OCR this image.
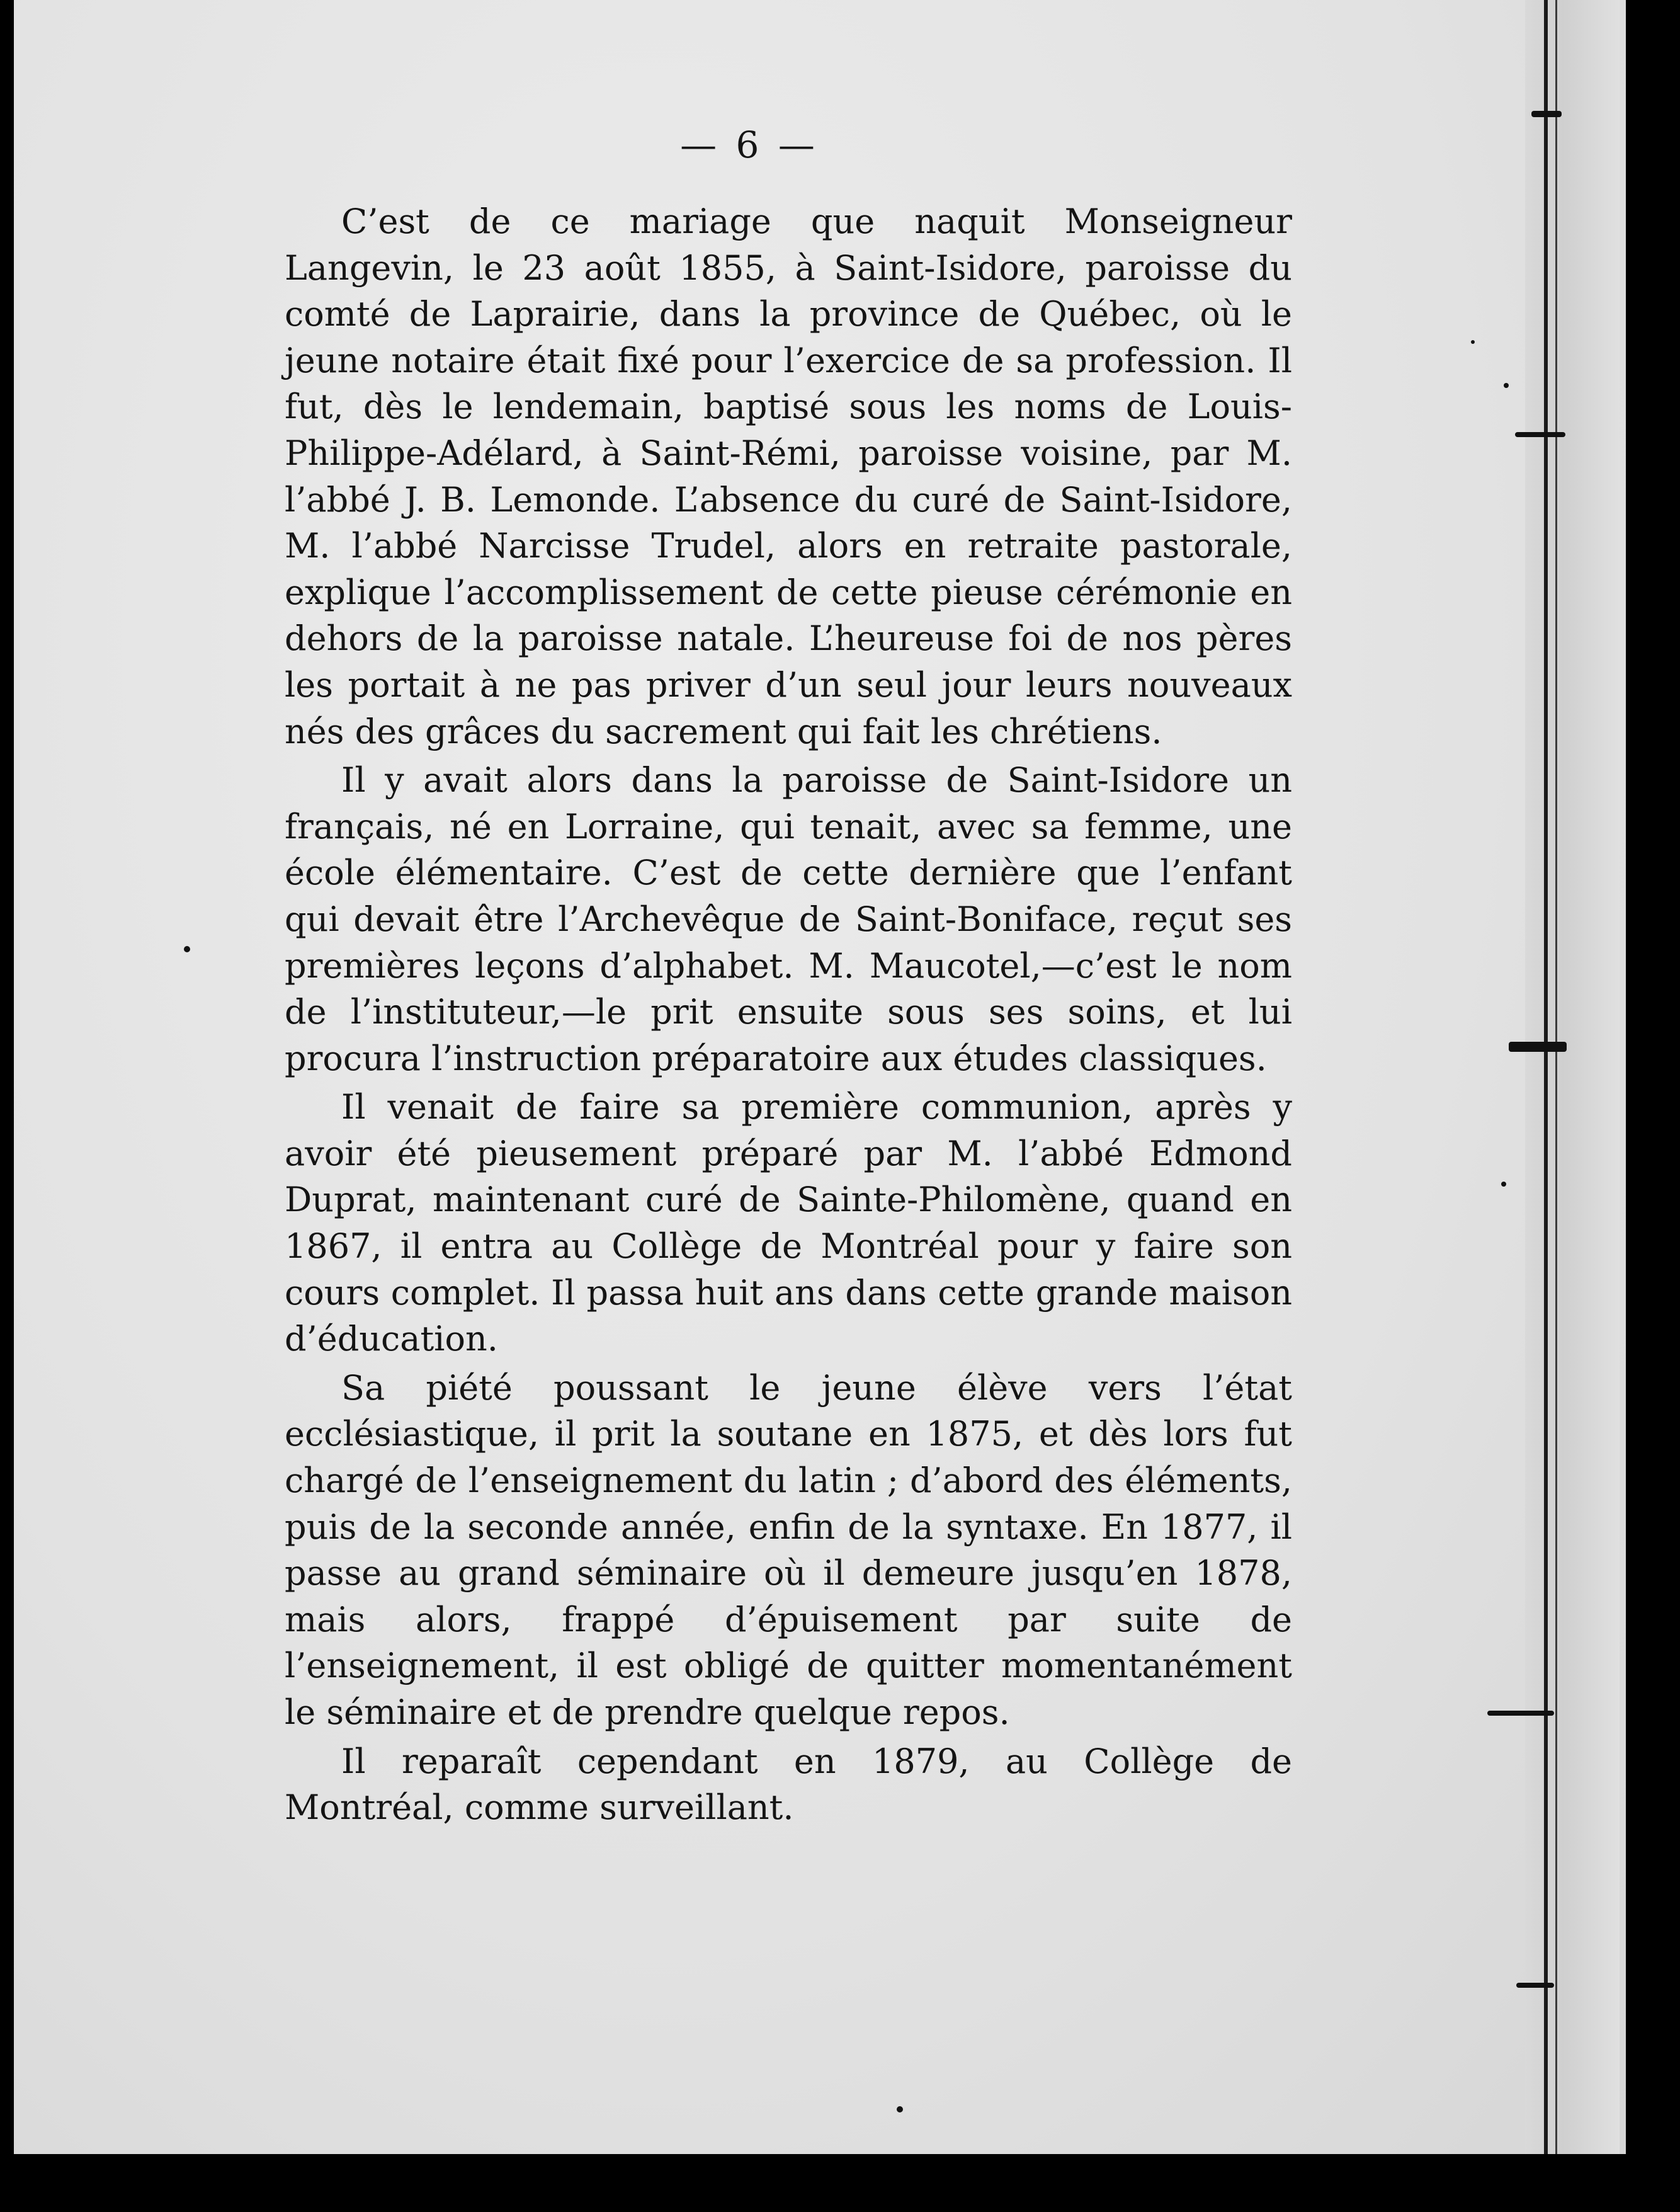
— 6 —

C’est de ce mariage que naquit Monseigneur Langevin, le 23 août 1855, à Saint-Isidore, paroisse du comté de Laprairie, dans la province de Québec, où le jeune notaire était fixé pour l’exercice de sa profession. Il fut, dès le lendemain, baptisé sous les noms de Louis-Philippe-Adélard, à Saint-Rémi, paroisse voisine, par M. l’abbé J. B. Lemonde. L’absence du curé de Saint-Isidore, M. l’abbé Narcisse Trudel, alors en retraite pastorale, explique l’accomplissement de cette pieuse cérémonie en dehors de la paroisse natale. L’heureuse foi de nos pères les portait à ne pas priver d’un seul jour leurs nouveaux nés des grâces du sacrement qui fait les chrétiens.

Il y avait alors dans la paroisse de Saint-Isidore un français, né en Lorraine, qui tenait, avec sa femme, une école élémentaire. C’est de cette dernière que l’enfant qui devait être l’Archevêque de Saint-Boniface, reçut ses premières leçons d’alphabet. M. Maucotel,—c’est le nom de l’instituteur,—le prit ensuite sous ses soins, et lui procura l’instruction préparatoire aux études classiques.

Il venait de faire sa première communion, après y avoir été pieusement préparé par M. l’abbé Edmond Duprat, maintenant curé de Sainte-Philomène, quand en 1867, il entra au Collège de Montréal pour y faire son cours complet. Il passa huit ans dans cette grande maison d’éducation.

Sa piété poussant le jeune élève vers l’état ecclésiastique, il prit la soutane en 1875, et dès lors fut chargé de l’enseignement du latin ; d’abord des éléments, puis de la seconde année, enfin de la syntaxe. En 1877, il passe au grand séminaire où il demeure jusqu’en 1878, mais alors, frappé d’épuisement par suite de l’enseignement, il est obligé de quitter momentanément le séminaire et de prendre quelque repos.

Il reparaît cependant en 1879, au Collège de Montréal, comme surveillant.
